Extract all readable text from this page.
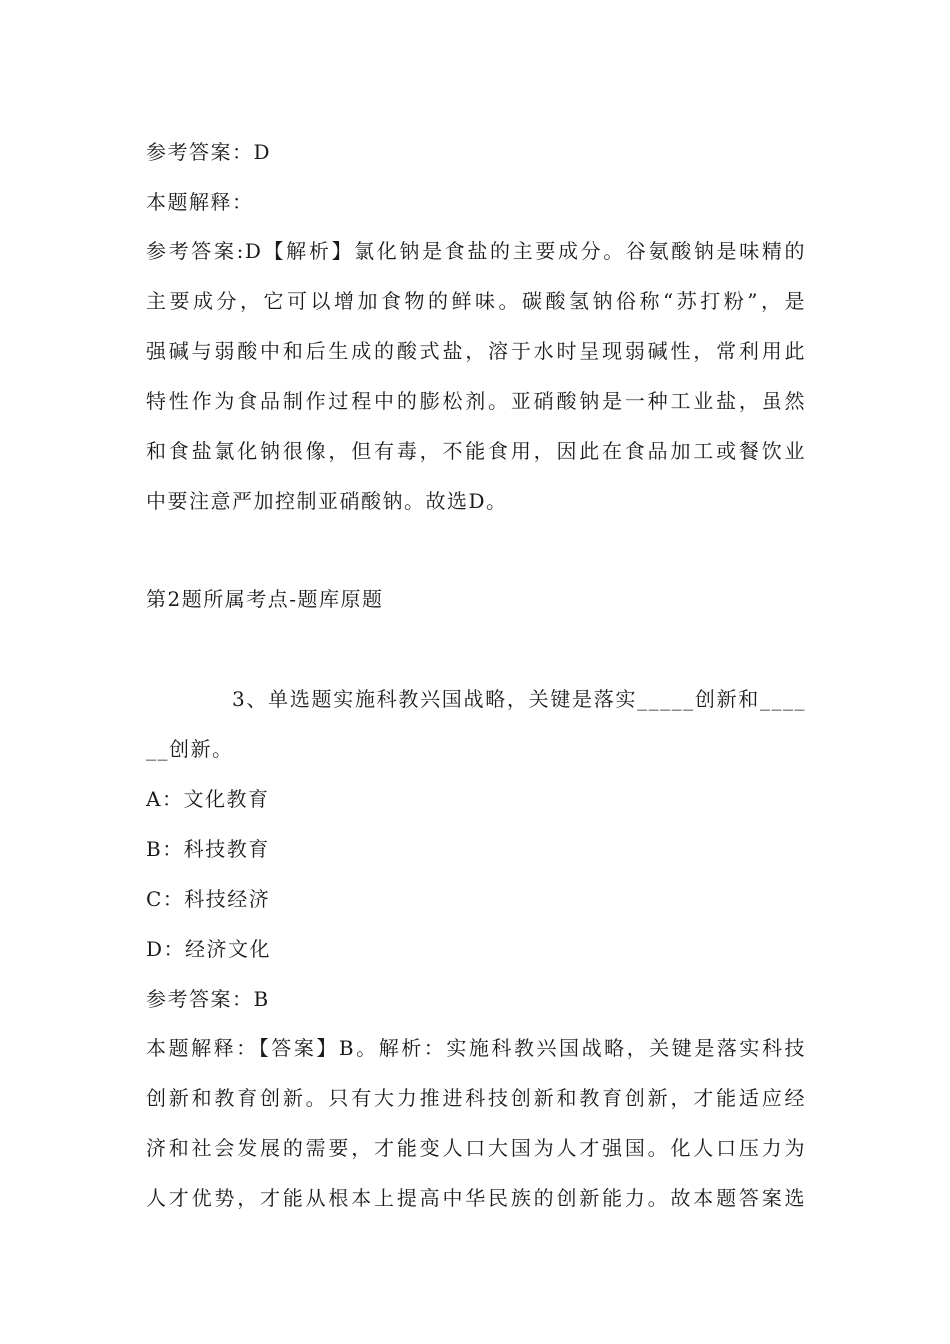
参考答案：D
本题解释：
参考答案:D【解析】氯化钠是食盐的主要成分。谷氨酸钠是味精的
主要成分，它可以增加食物的鲜味。碳酸氢钠俗称“苏打粉”，是
强碱与弱酸中和后生成的酸式盐，溶于水时呈现弱碱性，常利用此
特性作为食品制作过程中的膨松剂。亚硝酸钠是一种工业盐，虽然
和食盐氯化钠很像，但有毒，不能食用，因此在食品加工或餐饮业
中要注意严加控制亚硝酸钠。故选D。
第2题所属考点-题库原题
3、单选题实施科教兴国战略，关键是落实_____创新和____
__创新。
A：文化教育
B：科技教育
C：科技经济
D：经济文化
参考答案：B
本题解释：【答案】B。解析：实施科教兴国战略，关键是落实科技
创新和教育创新。只有大力推进科技创新和教育创新，才能适应经
济和社会发展的需要，才能变人口大国为人才强国。化人口压力为
人才优势，才能从根本上提高中华民族的创新能力。故本题答案选
